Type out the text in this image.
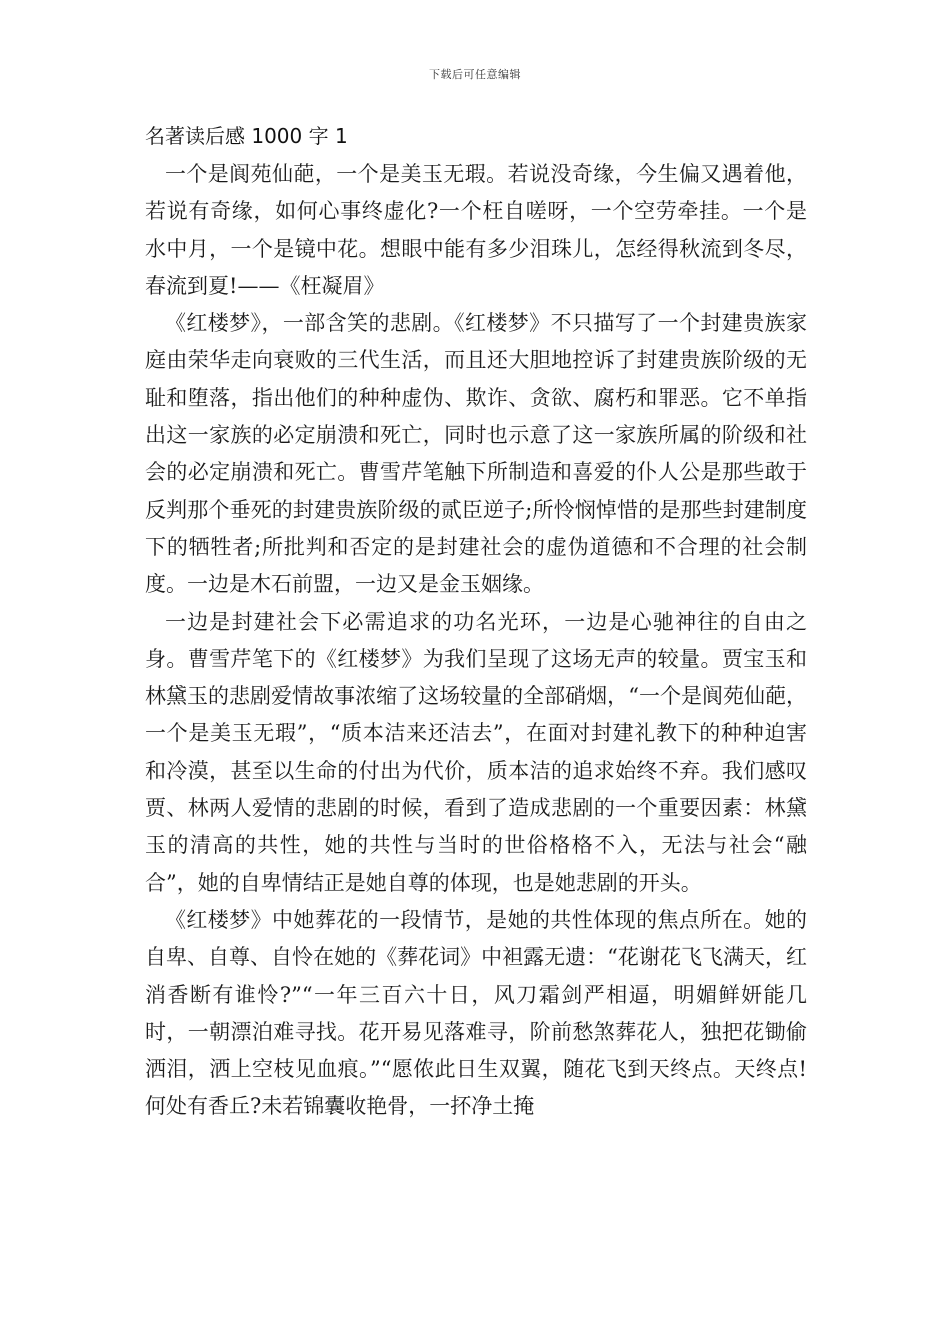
下载后可任意编辑
名著读后感 1000 字 1

一个是阆苑仙葩，一个是美玉无瑕。若说没奇缘，今生偏又遇着他，若说有奇缘，如何心事终虚化?一个枉自嗟呀，一个空劳牵挂。一个是水中月，一个是镜中花。想眼中能有多少泪珠儿，怎经得秋流到冬尽，春流到夏!——《枉凝眉》

《红楼梦》，一部含笑的悲剧。《红楼梦》不只描写了一个封建贵族家庭由荣华走向衰败的三代生活，而且还大胆地控诉了封建贵族阶级的无耻和堕落，指出他们的种种虚伪、欺诈、贪欲、腐朽和罪恶。它不单指出这一家族的必定崩溃和死亡，同时也示意了这一家族所属的阶级和社会的必定崩溃和死亡。曹雪芹笔触下所制造和喜爱的仆人公是那些敢于反判那个垂死的封建贵族阶级的贰臣逆子;所怜悯悼惜的是那些封建制度下的牺牲者;所批判和否定的是封建社会的虚伪道德和不合理的社会制度。一边是木石前盟，一边又是金玉姻缘。

一边是封建社会下必需追求的功名光环，一边是心驰神往的自由之身。曹雪芹笔下的《红楼梦》为我们呈现了这场无声的较量。贾宝玉和林黛玉的悲剧爱情故事浓缩了这场较量的全部硝烟，“一个是阆苑仙葩，一个是美玉无瑕”，“质本洁来还洁去”，在面对封建礼教下的种种迫害和冷漠，甚至以生命的付出为代价，质本洁的追求始终不弃。我们感叹贾、林两人爱情的悲剧的时候，看到了造成悲剧的一个重要因素：林黛玉的清高的共性，她的共性与当时的世俗格格不入，无法与社会“融合”，她的自卑情结正是她自尊的体现，也是她悲剧的开头。

《红楼梦》中她葬花的一段情节，是她的共性体现的焦点所在。她的自卑、自尊、自怜在她的《葬花词》中袒露无遗：“花谢花飞飞满天，红消香断有谁怜?”“一年三百六十日，风刀霜剑严相逼，明媚鲜妍能几时，一朝漂泊难寻找。花开易见落难寻，阶前愁煞葬花人，独把花锄偷洒泪，洒上空枝见血痕。”“愿侬此日生双翼，随花飞到天终点。天终点!何处有香丘?未若锦囊收艳骨，一抔净土掩
